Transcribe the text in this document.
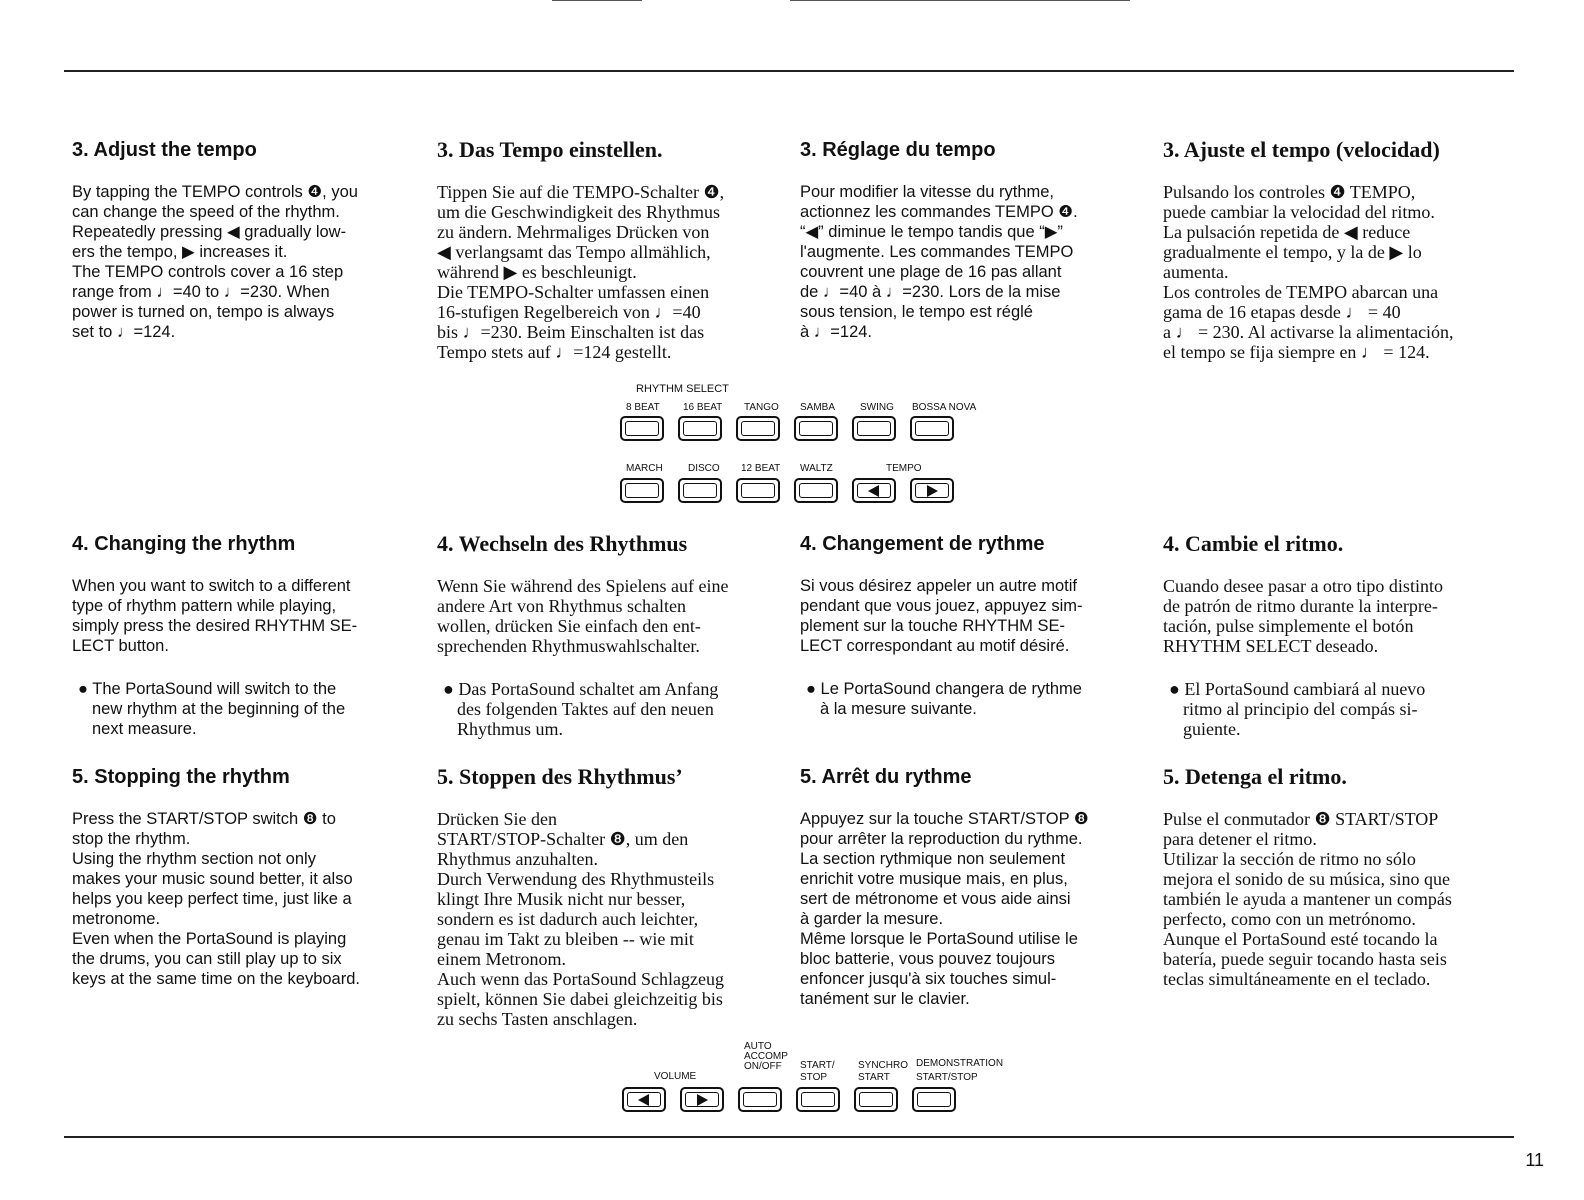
3. Adjust the tempo

By tapping the TEMPO controls ❹, you
can change the speed of the rhythm.
Repeatedly pressing ◀ gradually low-
ers the tempo, ▶ increases it.
The TEMPO controls cover a 16 step
range from ♩=40 to ♩=230. When
power is turned on, tempo is always
set to ♩=124.

3. Das Tempo einstellen.

Tippen Sie auf die TEMPO-Schalter ❹,
um die Geschwindigkeit des Rhythmus
zu ändern. Mehrmaliges Drücken von
◀ verlangsamt das Tempo allmählich,
während ▶ es beschleunigt.
Die TEMPO-Schalter umfassen einen
16-stufigen Regelbereich von ♩=40
bis ♩=230. Beim Einschalten ist das
Tempo stets auf ♩=124 gestellt.

3. Réglage du tempo

Pour modifier la vitesse du rythme,
actionnez les commandes TEMPO ❹.
“◀” diminue le tempo tandis que “▶”
l'augmente. Les commandes TEMPO
couvrent une plage de 16 pas allant
de ♩=40 à ♩=230. Lors de la mise
sous tension, le tempo est réglé
à ♩=124.

3. Ajuste el tempo (velocidad)

Pulsando los controles ❹ TEMPO,
puede cambiar la velocidad del ritmo.
La pulsación repetida de ◀ reduce
gradualmente el tempo, y la de ▶ lo
aumenta.
Los controles de TEMPO abarcan una
gama de 16 etapas desde ♩ = 40
a ♩ = 230. Al activarse la alimentación,
el tempo se fija siempre en ♩ = 124.

RHYTHM SELECT
8 BEAT 16 BEAT TANGO SAMBA SWING BOSSA NOVA
MARCH	DISCO 12 BEAT WALTZ	TEMPO
4. Changing the rhythm

When you want to switch to a different
type of rhythm pattern while playing,
simply press the desired RHYTHM SE-
LECT button.

● The PortaSound will switch to the
new rhythm at the beginning of the
next measure.

4. Wechseln des Rhythmus

Wenn Sie während des Spielens auf eine
andere Art von Rhythmus schalten
wollen, drücken Sie einfach den ent-
sprechenden Rhythmuswahlschalter.

● Das PortaSound schaltet am Anfang
des folgenden Taktes auf den neuen
Rhythmus um.

4. Changement de rythme

Si vous désirez appeler un autre motif
pendant que vous jouez, appuyez sim-
plement sur la touche RHYTHM SE-
LECT correspondant au motif désiré.

● Le PortaSound changera de rythme
à la mesure suivante.

4. Cambie el ritmo.

Cuando desee pasar a otro tipo distinto
de patrón de ritmo durante la interpre-
tación, pulse simplemente el botón
RHYTHM SELECT deseado.

● El PortaSound cambiará al nuevo
ritmo al principio del compás si-
guiente.

5. Stopping the rhythm

Press the START/STOP switch ❽ to
stop the rhythm.
Using the rhythm section not only
makes your music sound better, it also
helps you keep perfect time, just like a
metronome.
Even when the PortaSound is playing
the drums, you can still play up to six
keys at the same time on the keyboard.

5. Stoppen des Rhythmus’

Drücken Sie den
START/STOP-Schalter ❽, um den
Rhythmus anzuhalten.
Durch Verwendung des Rhythmusteils
klingt Ihre Musik nicht nur besser,
sondern es ist dadurch auch leichter,
genau im Takt zu bleiben -- wie mit
einem Metronom.
Auch wenn das PortaSound Schlagzeug
spielt, können Sie dabei gleichzeitig bis
zu sechs Tasten anschlagen.

5. Arrêt du rythme

Appuyez sur la touche START/STOP ❽
pour arrêter la reproduction du rythme.
La section rythmique non seulement
enrichit votre musique mais, en plus,
sert de métronome et vous aide ainsi
à garder la mesure.
Même lorsque le PortaSound utilise le
bloc batterie, vous pouvez toujours
enfoncer jusqu'à six touches simul-
tanément sur le clavier.

5. Detenga el ritmo.

Pulse el conmutador ❽ START/STOP
para detener el ritmo.
Utilizar la sección de ritmo no sólo
mejora el sonido de su música, sino que
también le ayuda a mantener un compás
perfecto, como con un metrónomo.
Aunque el PortaSound esté tocando la
batería, puede seguir tocando hasta seis
teclas simultáneamente en el teclado.

VOLUME
AUTO
ACCOMP
ON/OFF	START/
STOP
SYNCHRO
START
DEMONSTRATION
START/STOP
11
